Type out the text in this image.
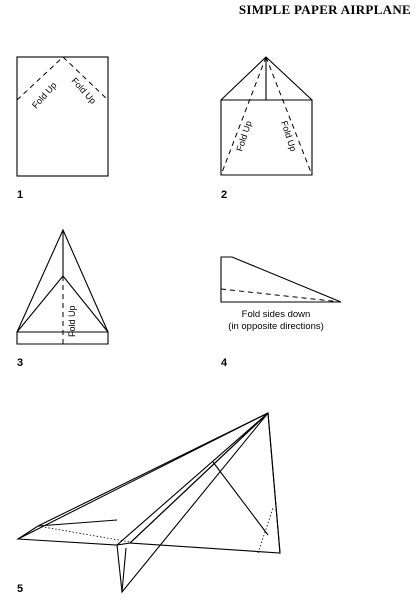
SIMPLE PAPER AIRPLANE
Fold Up Fold Up
1
Fold Up	Fold Up
2
Fold Up
3
Fold sides down
(in opposite directions)
4
5
